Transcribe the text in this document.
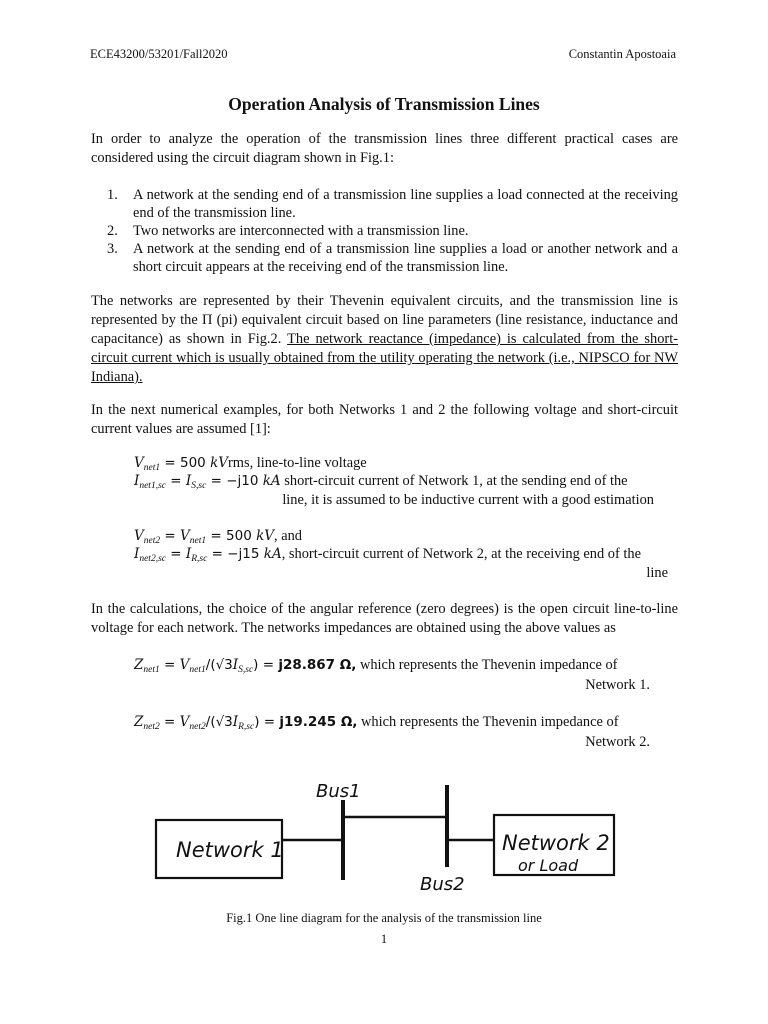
ECE43200/53201/Fall2020	Constantin Apostoaia
Operation Analysis of Transmission Lines
In order to analyze the operation of the transmission lines three different practical cases are considered using the circuit diagram shown in Fig.1:
1. A network at the sending end of a transmission line supplies a load connected at the receiving end of the transmission line.
2. Two networks are interconnected with a transmission line.
3. A network at the sending end of a transmission line supplies a load or another network and a short circuit appears at the receiving end of the transmission line.
The networks are represented by their Thevenin equivalent circuits, and the transmission line is represented by the Π (pi) equivalent circuit based on line parameters (line resistance, inductance and capacitance) as shown in Fig.2. The network reactance (impedance) is calculated from the short-circuit current which is usually obtained from the utility operating the network (i.e., NIPSCO for NW Indiana).
In the next numerical examples, for both Networks 1 and 2 the following voltage and short-circuit current values are assumed [1]:
$V_{net1} = 500$ kVrms, line-to-line voltage
$I_{net1,sc} = I_{S,sc} = -j10$ kA short-circuit current of Network 1, at the sending end of the
line, it is assumed to be inductive current with a good estimation
$V_{net2} = V_{net1} = 500$ kV, and
$I_{net2,sc} = I_{R,sc} = -j15$ kA, short-circuit current of Network 2, at the receiving end of the
line
In the calculations, the choice of the angular reference (zero degrees) is the open circuit line-to-line voltage for each network. The networks impedances are obtained using the above values as
$Z_{net1} = V_{net1}/(√3I_{S,sc}) = j28.867$ Ω, which represents the Thevenin impedance of
Network 1.
$Z_{net2} = V_{net2}/(√3I_{R,sc}) = j19.245$ Ω, which represents the Thevenin impedance of
Network 2.
Network 1
Bus1
Bus2
Network 2
or Load
Fig.1 One line diagram for the analysis of the transmission line
1
